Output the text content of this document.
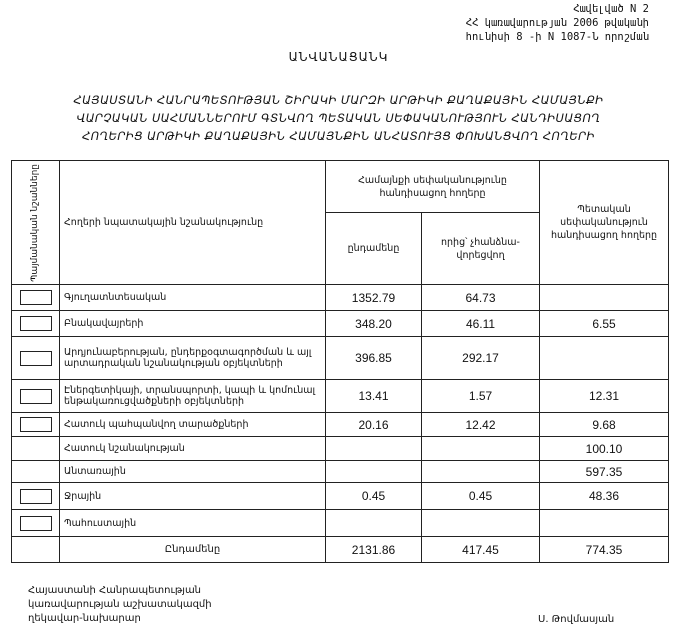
Հավելված N 2
ՀՀ կառավարության 2006 թվականի
հունիսի 8 -ի N 1087-Ն որոշման
ԱՆՎԱՆԱՑԱՆԿ
ՀԱՅԱՍՏԱՆԻ ՀԱՆՐԱՊԵՏՈՒԹՅԱՆ ՇԻՐԱԿԻ ՄԱՐԶԻ ԱՐԹԻԿԻ ՔԱՂԱՔԱՅԻՆ ՀԱՄԱՅՆՔԻ
ՎԱՐՉԱԿԱՆ ՍԱՀՄԱՆՆԵՐՈՒՄ ԳՏՆՎՈՂ ՊԵՏԱԿԱՆ ՍԵՓԱԿԱՆՈՒԹՅՈՒՆ ՀԱՆԴԻՍԱՑՈՂ
ՀՈՂԵՐԻՑ ԱՐԹԻԿԻ ՔԱՂԱՔԱՅԻՆ ՀԱՄԱՅՆՔԻՆ ԱՆՀԱՏՈՒՅՑ ՓՈԽԱՆՑՎՈՂ ՀՈՂԵՐԻ
Պայմանական նշանները	Հողերի նպատակային նշանակությունը	Համայնքի սեփականությունը հանդիսացող հողերը		Պետական սեփականություն հանդիսացող հողերը
		ընդամենը	որից՝ չհանձնա-վորեցվող	

	Գյուղատնտեսական	1352.79	64.73	

	Բնակավայրերի	348.20	46.11	6.55

	Արդյունաբերության, ընդերքօգտագործման և այլ արտադրական նշանակության օբյեկտների	396.85	292.17	

	Էներգետիկայի, տրանսպորտի, կապի և կոմունալ ենթակառուցվածքների օբյեկտների	13.41	1.57	12.31

	Հատուկ պահպանվող տարածքների	20.16	12.42	9.68
	Հատուկ նշանակության			100.10
	Անտառային			597.35

	Ջրային	0.45	0.45	48.36

	Պահուստային			
	Ընդամենը	2131.86	417.45	774.35
Հայաստանի Հանրապետության
կառավարության աշխատակազմի
ղեկավար-նախարար	Ս. Թովմասյան
